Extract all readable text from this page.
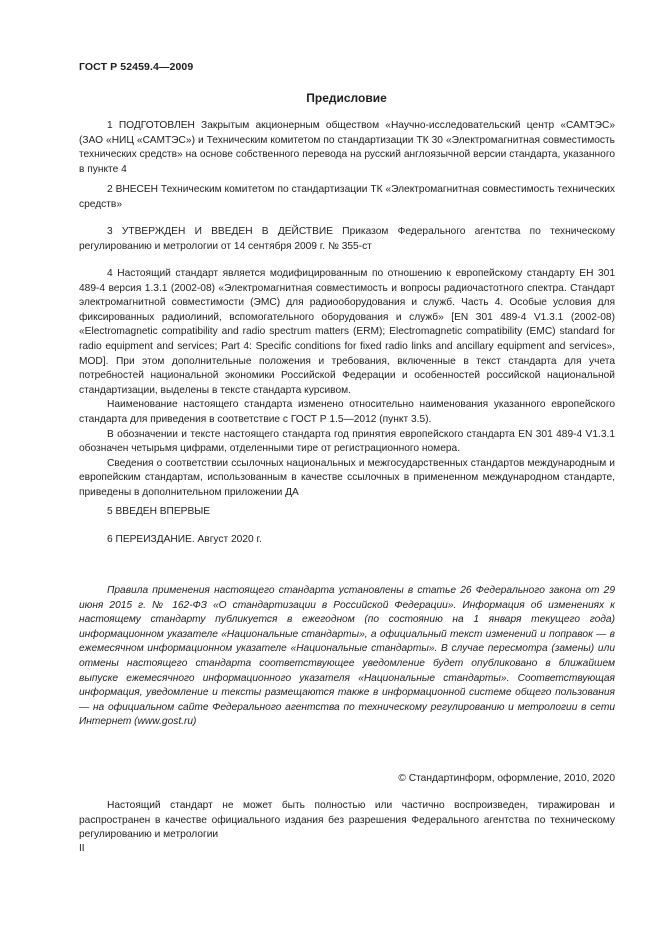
ГОСТ Р 52459.4—2009
Предисловие

1 ПОДГОТОВЛЕН Закрытым акционерным обществом «Научно-исследовательский центр «САМТЭС» (ЗАО «НИЦ «САМТЭС») и Техническим комитетом по стандартизации ТК 30 «Электромагнитная совместимость технических средств» на основе собственного перевода на русский англоязычной версии стандарта, указанного в пункте 4

2 ВНЕСЕН Техническим комитетом по стандартизации ТК «Электромагнитная совместимость технических средств»

3 УТВЕРЖДЕН И ВВЕДЕН В ДЕЙСТВИЕ Приказом Федерального агентства по техническому регулированию и метрологии от 14 сентября 2009 г. № 355-ст

4 Настоящий стандарт является модифицированным по отношению к европейскому стандарту ЕН 301 489-4 версия 1.3.1 (2002-08) «Электромагнитная совместимость и вопросы радиочастотного спектра. Стандарт электромагнитной совместимости (ЭМС) для радиооборудования и служб. Часть 4. Особые условия для фиксированных радиолиний, вспомогательного оборудования и служб» [EN 301 489-4 V1.3.1 (2002-08) «Electromagnetic compatibility and radio spectrum matters (ERM); Electromagnetic compatibility (EMC) standard for radio equipment and services; Part 4: Specific conditions for fixed radio links and ancillary equipment and services», MOD]. При этом дополнительные положения и требования, включенные в текст стандарта для учета потребностей национальной экономики Российской Федерации и особенностей российской национальной стандартизации, выделены в тексте стандарта курсивом.

Наименование настоящего стандарта изменено относительно наименования указанного европейского стандарта для приведения в соответствие с ГОСТ Р 1.5—2012 (пункт 3.5).

В обозначении и тексте настоящего стандарта год принятия европейского стандарта EN 301 489-4 V1.3.1 обозначен четырьмя цифрами, отделенными тире от регистрационного номера.

Сведения о соответствии ссылочных национальных и межгосударственных стандартов международным и европейским стандартам, использованным в качестве ссылочных в примененном международном стандарте, приведены в дополнительном приложении ДА

5 ВВЕДЕН ВПЕРВЫЕ

6 ПЕРЕИЗДАНИЕ. Август 2020 г.

Правила применения настоящего стандарта установлены в статье 26 Федерального закона от 29 июня 2015 г. № 162-ФЗ «О стандартизации в Российской Федерации». Информация об изменениях к настоящему стандарту публикуется в ежегодном (по состоянию на 1 января текущего года) информационном указателе «Национальные стандарты», а официальный текст изменений и поправок — в ежемесячном информационном указателе «Национальные стандарты». В случае пересмотра (замены) или отмены настоящего стандарта соответствующее уведомление будет опубликовано в ближайшем выпуске ежемесячного информационного указателя «Национальные стандарты». Соответствующая информация, уведомление и тексты размещаются также в информационной системе общего пользования — на официальном сайте Федерального агентства по техническому регулированию и метрологии в сети Интернет (www.gost.ru)

© Стандартинформ, оформление, 2010, 2020

Настоящий стандарт не может быть полностью или частично воспроизведен, тиражирован и распространен в качестве официального издания без разрешения Федерального агентства по техническому регулированию и метрологии

II
